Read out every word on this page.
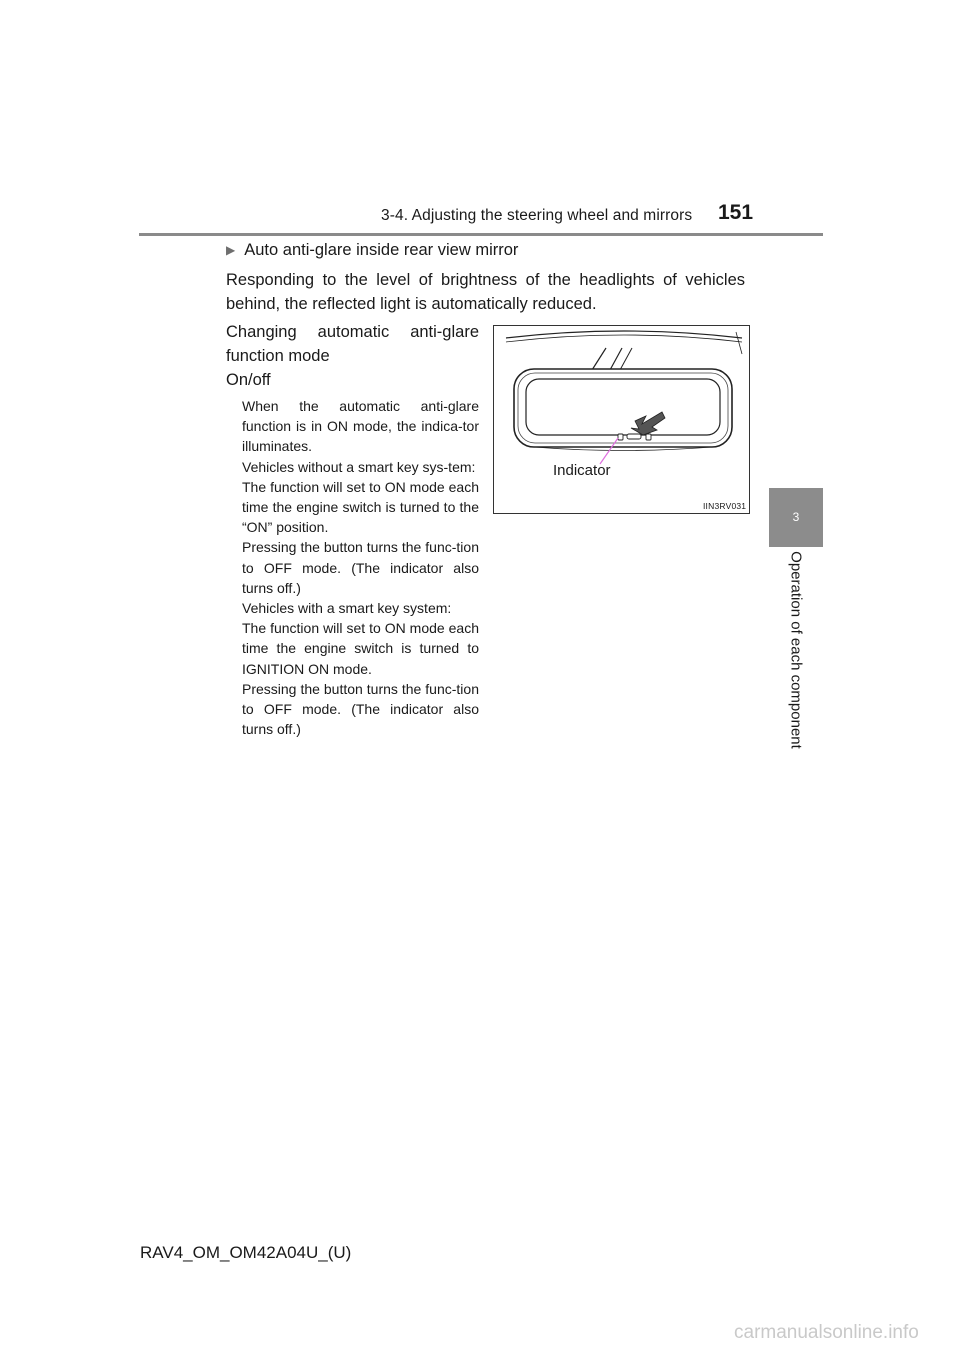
3-4. Adjusting the steering wheel and mirrors 151
3
Operation of each component
▶ Auto anti-glare inside rear view mirror
Responding to the level of brightness of the headlights of vehicles behind, the reflected light is automatically reduced.
Changing automatic anti-glare
function mode
On/off

When the automatic anti-glare function is in ON mode, the indica-tor illuminates.

Vehicles without a smart key sys-tem:

The function will set to ON mode each time the engine switch is turned to the “ON” position.

Pressing the button turns the func-tion to OFF mode. (The indicator also turns off.)

Vehicles with a smart key system:

The function will set to ON mode each time the engine switch is turned to IGNITION ON mode.

Pressing the button turns the func-tion to OFF mode. (The indicator also turns off.)

Indicator
IIN3RV031
RAV4_OM_OM42A04U_(U)
carmanualsonline.info
